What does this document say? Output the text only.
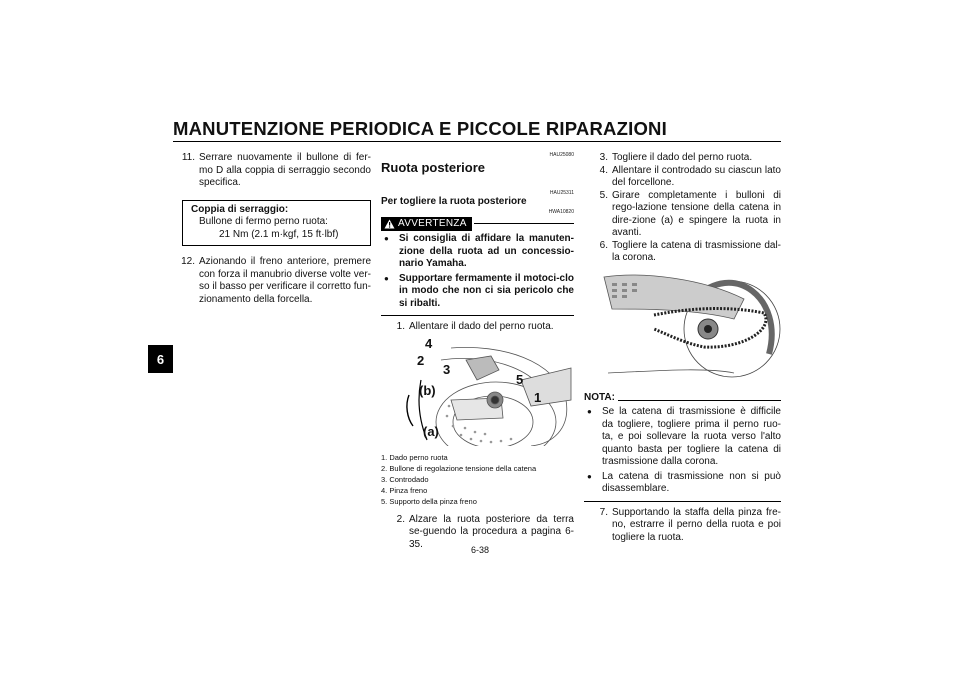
MANUTENZIONE PERIODICA E PICCOLE RIPARAZIONI
6
6-38
11. Serrare nuovamente il bullone di fer-mo D alla coppia di serraggio secondo specifica.
Coppia di serraggio:
Bullone di fermo perno ruota:
21 Nm (2.1 m·kgf, 15 ft·lbf)
12. Azionando il freno anteriore, premere con forza il manubrio diverse volte ver-so il basso per verificare il corretto fun-zionamento della forcella.
HAU25080
Ruota posteriore
HAU25311
Per togliere la ruota posteriore
HWA10820
AVVERTENZA
●	Si consiglia di affidare la manuten-zione della ruota ad un concessio-nario Yamaha.
●	Supportare fermamente il motoci-clo in modo che non ci sia pericolo che si ribalti.
1. Allentare il dado del perno ruota.
4
2
3
5
(b)	1
(a)
1. Dado perno ruota
2. Bullone di regolazione tensione della catena
3. Controdado
4. Pinza freno
5. Supporto della pinza freno
2. Alzare la ruota posteriore da terra se-guendo la procedura a pagina 6-35.
3. Togliere il dado del perno ruota.
4. Allentare il controdado su ciascun lato del forcellone.
5. Girare completamente i bulloni di rego-lazione tensione della catena in dire-zione (a) e spingere la ruota in avanti.
6. Togliere la catena di trasmissione dal-la corona.
NOTA:
●	Se la catena di trasmissione è difficile da togliere, togliere prima il perno ruo-ta, e poi sollevare la ruota verso l'alto quanto basta per togliere la catena di trasmissione dalla corona.
●	La catena di trasmissione non si può disassemblare.
7. Supportando la staffa della pinza fre-no, estrarre il perno della ruota e poi togliere la ruota.
